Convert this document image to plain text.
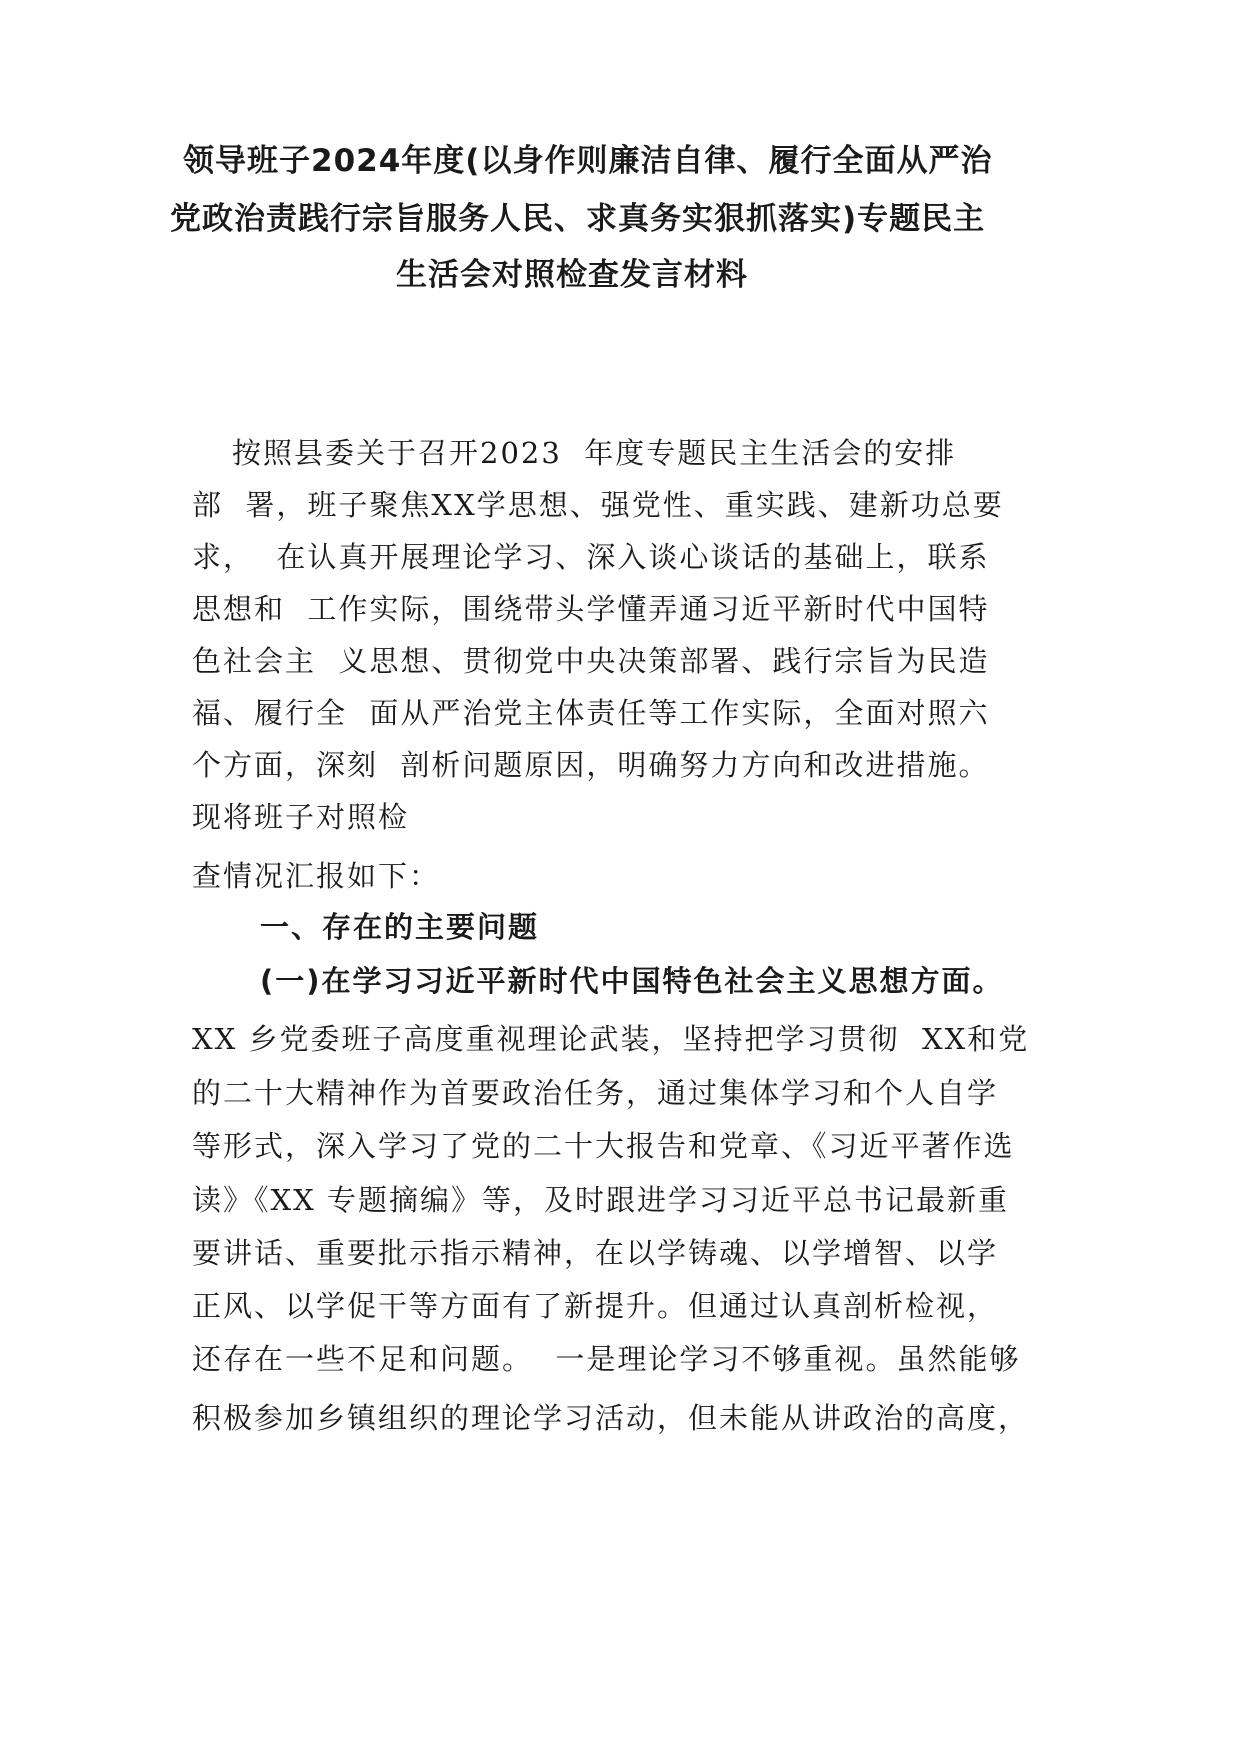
领导班子2024年度(以身作则廉洁自律、履行全面从严治
党政治责践行宗旨服务人民、求真务实狠抓落实)专题民主
生活会对照检查发言材料
按照县委关于召开2023  年度专题民主生活会的安排
部  署，班子聚焦XX学思想、强党性、重实践、建新功总要
求，  在认真开展理论学习、深入谈心谈话的基础上，联系
思想和  工作实际，围绕带头学懂弄通习近平新时代中国特
色社会主  义思想、贯彻党中央决策部署、践行宗旨为民造
福、履行全  面从严治党主体责任等工作实际，全面对照六
个方面，深刻  剖析问题原因，明确努力方向和改进措施。
现将班子对照检
查情况汇报如下：
一、存在的主要问题
(一)在学习习近平新时代中国特色社会主义思想方面。
XX 乡党委班子高度重视理论武装，坚持把学习贯彻  XX和党
的二十大精神作为首要政治任务，通过集体学习和个人自学
等形式，深入学习了党的二十大报告和党章、《习近平著作选
读》《XX 专题摘编》等，及时跟进学习习近平总书记最新重
要讲话、重要批示指示精神，在以学铸魂、以学增智、以学
正风、以学促干等方面有了新提升。但通过认真剖析检视，
还存在一些不足和问题。  一是理论学习不够重视。虽然能够
积极参加乡镇组织的理论学习活动，但未能从讲政治的高度，
